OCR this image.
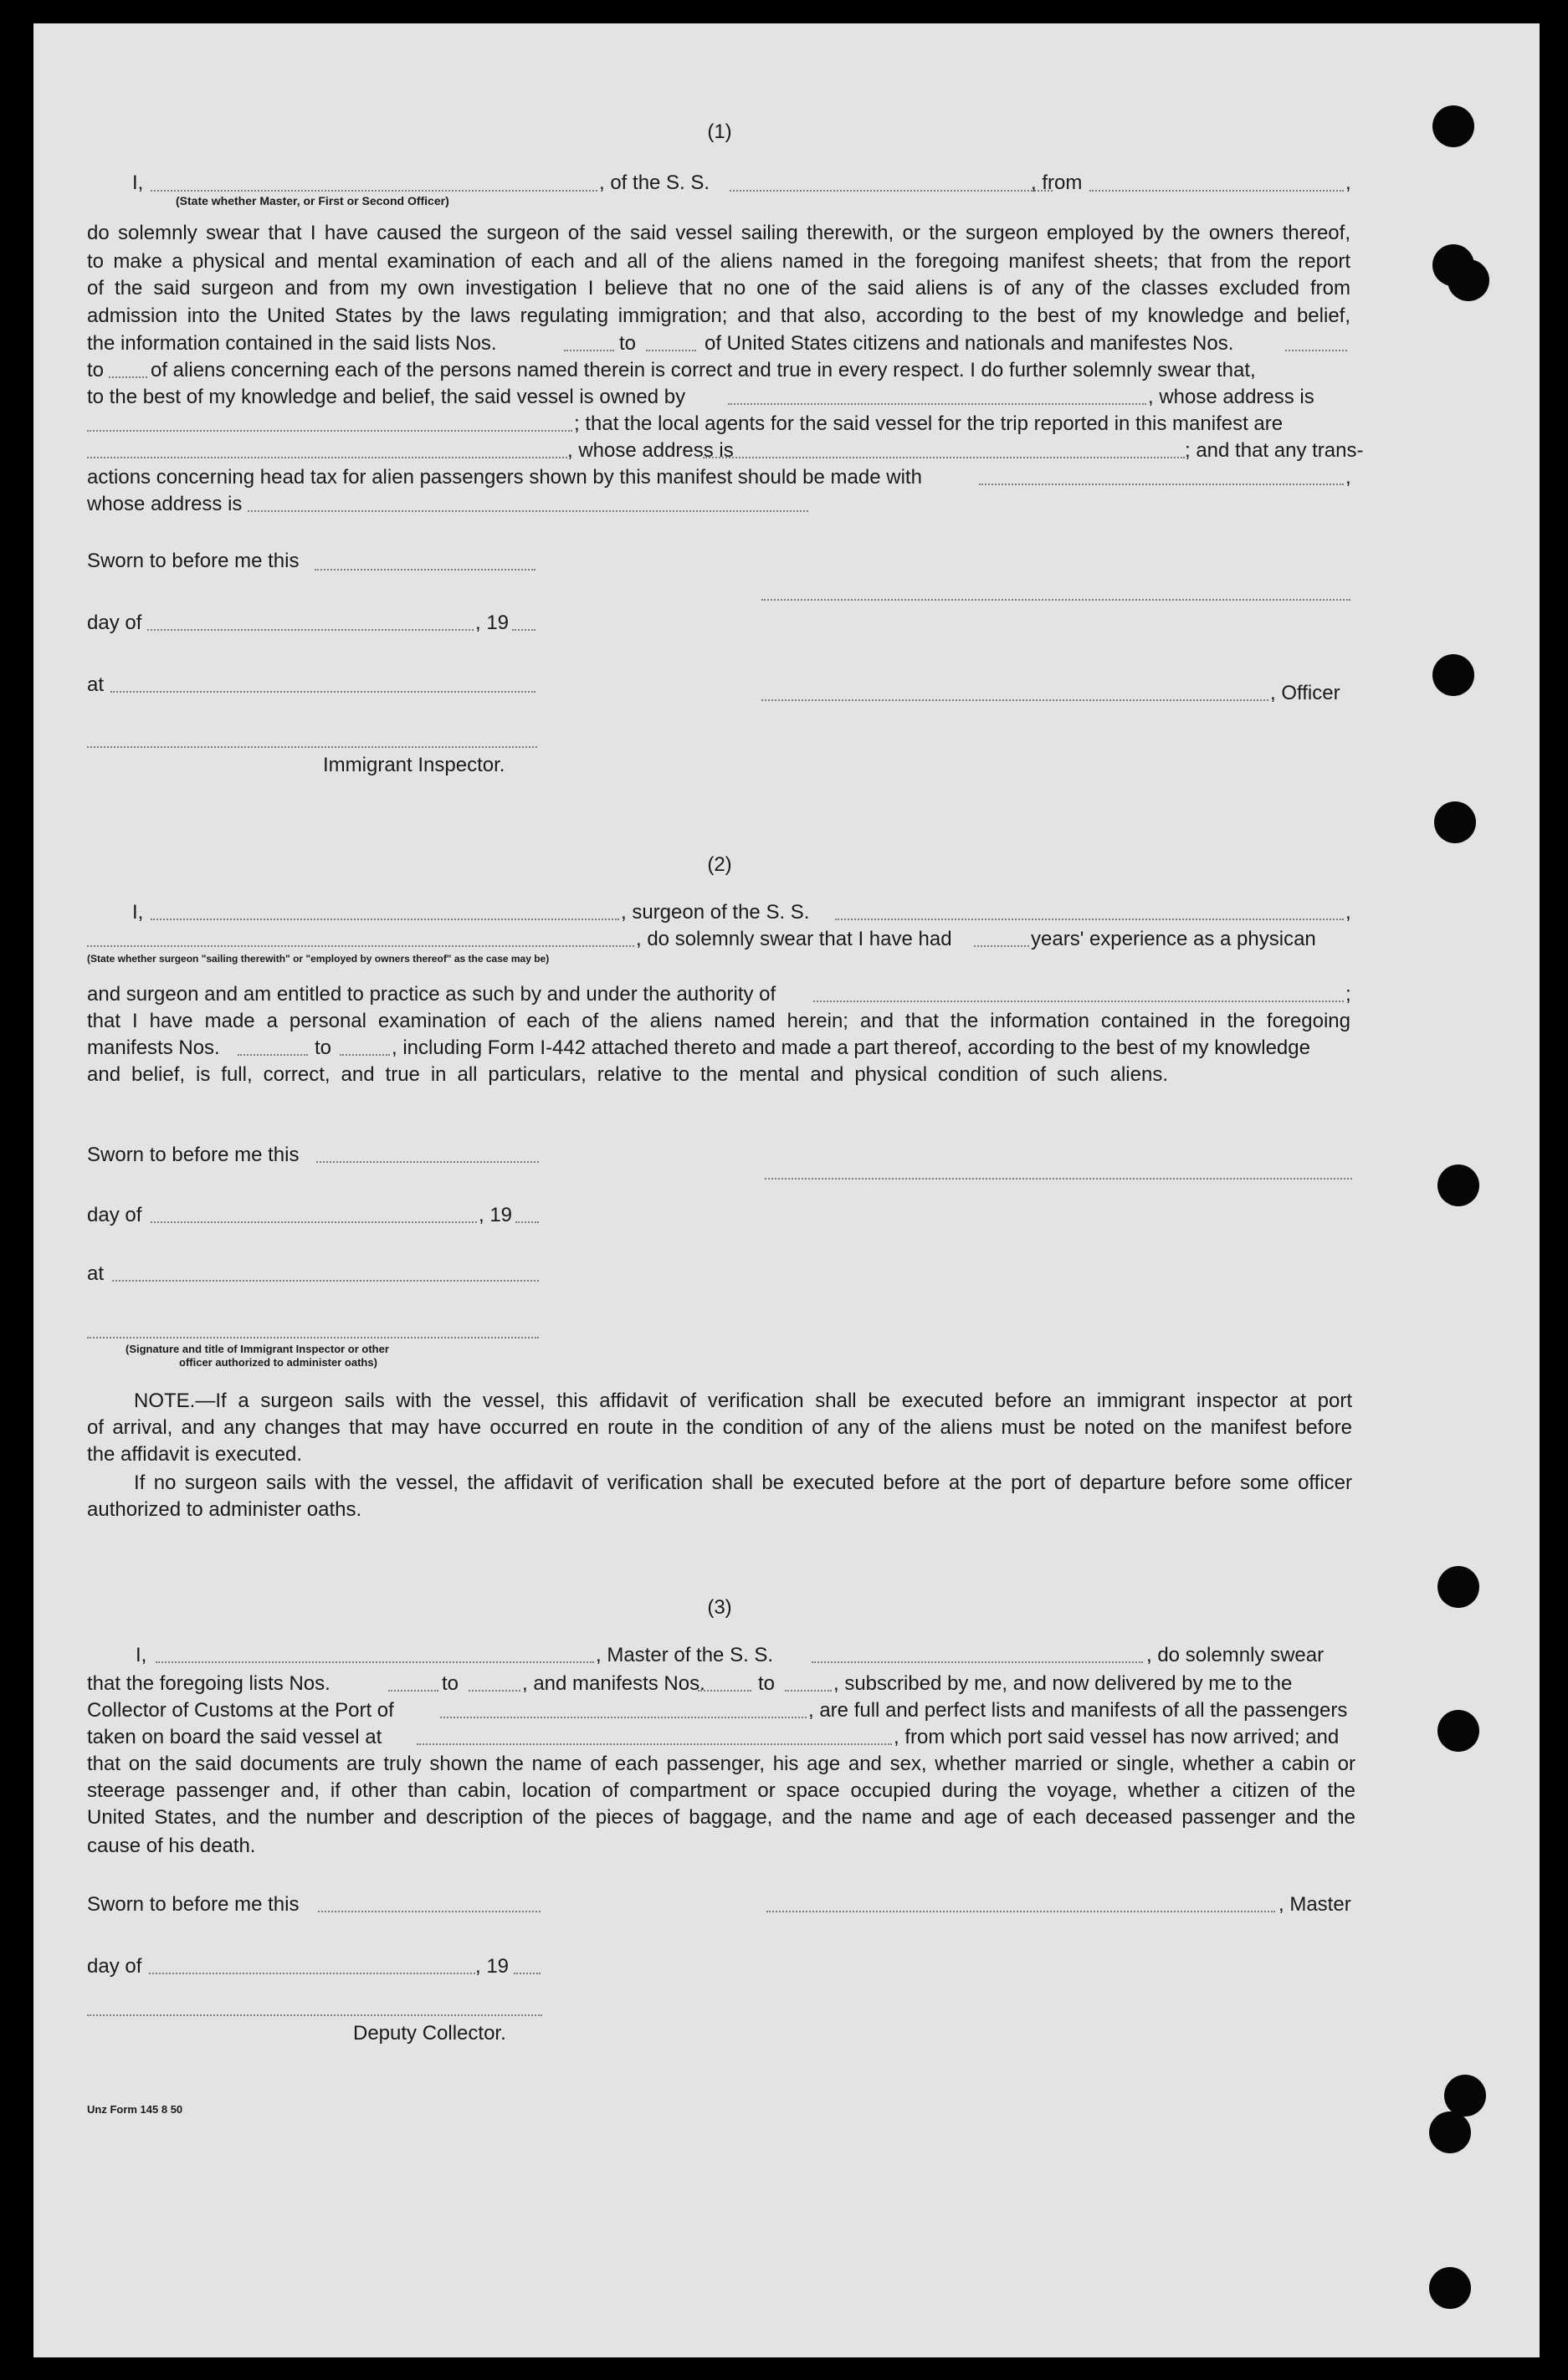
(1)
I,	, of the S. S.	, from	,
(State whether Master, or First or Second Officer)
do solemnly swear that I have caused the surgeon of the said vessel sailing therewith, or the surgeon employed by the owners thereof,
to make a physical and mental examination of each and all of the aliens named in the foregoing manifest sheets; that from the report
of the said surgeon and from my own investigation I believe that no one of the said aliens is of any of the classes excluded from
admission into the United States by the laws regulating immigration; and that also, according to the best of my knowledge and belief,
the information contained in the said lists Nos.	to	of United States citizens and nationals and manifestes Nos.
to of aliens concerning each of the persons named therein is correct and true in every respect. I do further solemnly swear that,
to the best of my knowledge and belief, the said vessel is owned by	, whose address is
; that the local agents for the said vessel for the trip reported in this manifest are
, whose address is	; and that any trans-
actions concerning head tax for alien passengers shown by this manifest should be made with	,
whose address is
Sworn to before me this
day of	, 19
at	, Officer
Immigrant Inspector.
(2)
I,	, surgeon of the S. S.	,
, do solemnly swear that I have had	years' experience as a physican
(State whether surgeon "sailing therewith" or "employed by owners thereof" as the case may be)
and surgeon and am entitled to practice as such by and under the authority of	;
that I have made a personal examination of each of the aliens named herein; and that the information contained in the foregoing
manifests Nos.	to	, including Form I-442 attached thereto and made a part thereof, according to the best of my knowledge
and belief, is full, correct, and true in all particulars, relative to the mental and physical condition of such aliens.
Sworn to before me this
day of	, 19
at
(Signature and title of Immigrant Inspector or other
officer authorized to administer oaths)
NOTE.—If a surgeon sails with the vessel, this affidavit of verification shall be executed before an immigrant inspector at port
of arrival, and any changes that may have occurred en route in the condition of any of the aliens must be noted on the manifest before
the affidavit is executed.
If no surgeon sails with the vessel, the affidavit of verification shall be executed before at the port of departure before some officer
authorized to administer oaths.
(3)
I,	, Master of the S. S.	, do solemnly swear
that the foregoing lists Nos.	to	, and manifests Nos.	to	, subscribed by me, and now delivered by me to the
Collector of Customs at the Port of	, are full and perfect lists and manifests of all the passengers
taken on board the said vessel at	, from which port said vessel has now arrived; and
that on the said documents are truly shown the name of each passenger, his age and sex, whether married or single, whether a cabin or
steerage passenger and, if other than cabin, location of compartment or space occupied during the voyage, whether a citizen of the
United States, and the number and description of the pieces of baggage, and the name and age of each deceased passenger and the
cause of his death.
Sworn to before me this	, Master
day of	, 19
Deputy Collector.
Unz Form 145 8 50
